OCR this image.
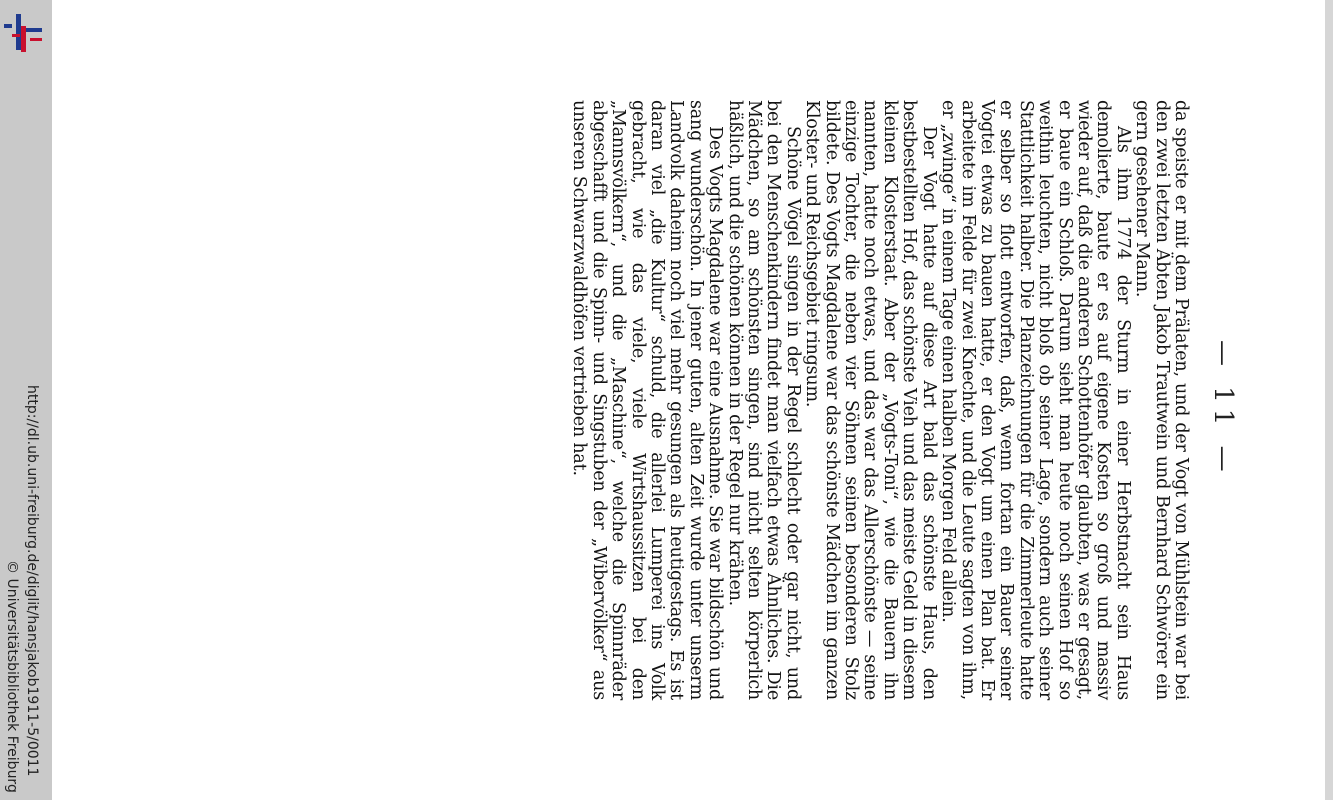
http://dl.ub.uni-freiburg.de/diglit/hansjakob1911-5/0011
© Universitätsbibliothek Freiburg
— 11 —

da speiste er mit dem Prälaten, und der Vogt von Mühlstein war bei den zwei letzten Äbten Jakob Trautwein und Bernhard Schwörer ein gern gesehener Mann.

Als ihm 1774 der Sturm in einer Herbstnacht sein Haus demolierte, baute er es auf eigene Kosten so groß und massiv wieder auf, daß die anderen Schottenhöfer glaubten, was er gesagt, er baue ein Schloß. Darum sieht man heute noch seinen Hof so weithin leuchten, nicht bloß ob seiner Lage, sondern auch seiner Stattlichkeit halber. Die Planzeichnungen für die Zimmerleute hatte er selber so flott entworfen, daß, wenn fortan ein Bauer seiner Vogtei etwas zu bauen hatte, er den Vogt um einen Plan bat. Er arbeitete im Felde für zwei Knechte, und die Leute sagten von ihm, er „zwinge“ in einem Tage einen halben Morgen Feld allein.

Der Vogt hatte auf diese Art bald das schönste Haus, den bestbestellten Hof, das schönste Vieh und das meiste Geld in diesem kleinen Klosterstaat. Aber der „Vogts-Toni“, wie die Bauern ihn nannten, hatte noch etwas, und das war das Allerschönste — seine einzige Tochter, die neben vier Söhnen seinen besonderen Stolz bildete. Des Vogts Magdalene war das schönste Mädchen im ganzen Kloster- und Reichsgebiet ringsum.

Schöne Vögel singen in der Regel schlecht oder gar nicht, und bei den Menschenkindern findet man vielfach etwas Ähnliches. Die Mädchen, so am schönsten singen, sind nicht selten körperlich häßlich, und die schönen können in der Regel nur krähen.

Des Vogts Magdalene war eine Ausnahme. Sie war bildschön und sang wunderschön. In jener guten, alten Zeit wurde unter unserm Landvolk daheim noch viel mehr gesungen als heutigestags. Es ist daran viel „die Kultur“ schuld, die allerlei Lumperei ins Volk gebracht, wie das viele, viele Wirtshaussitzen bei den „Mannsvölkern“, und die „Maschine“, welche die Spinnräder abgeschafft und die Spinn- und Singstuben der „Wibervölker“ aus unseren Schwarzwaldhöfen vertrieben hat.
